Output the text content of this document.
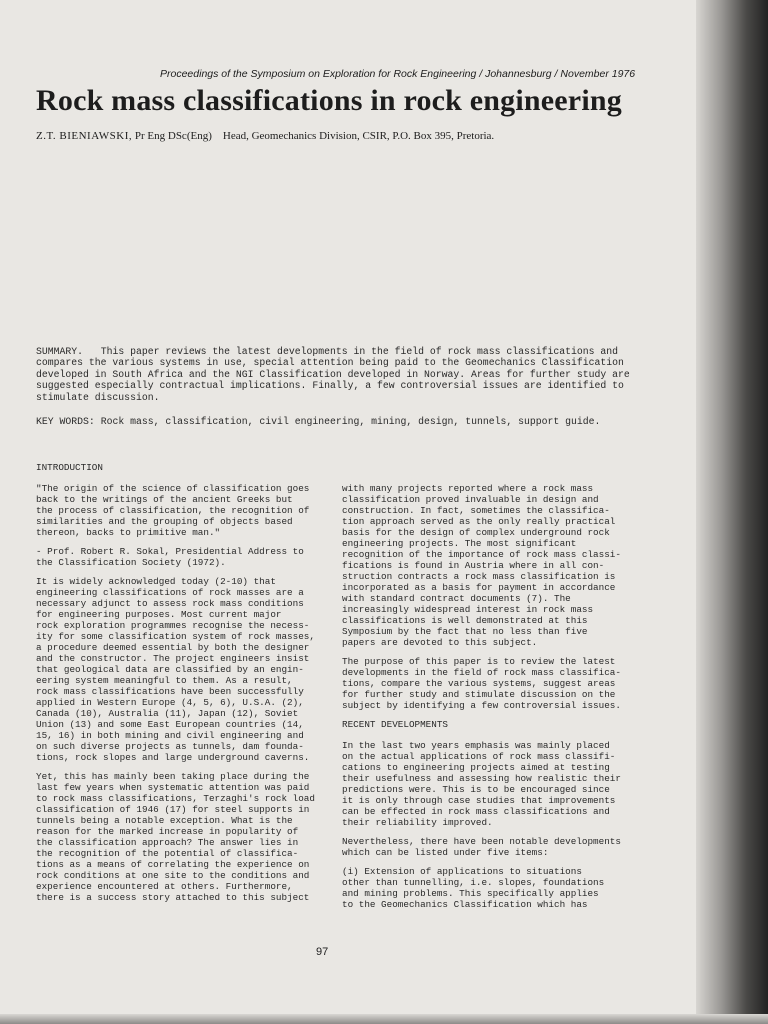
Proceedings of the Symposium on Exploration for Rock Engineering / Johannesburg / November 1976
Rock mass classifications in rock engineering
Z.T. BIENIAWSKI, Pr Eng DSc(Eng) Head, Geomechanics Division, CSIR, P.O. Box 395, Pretoria.
SUMMARY. This paper reviews the latest developments in the field of rock mass classifications and
compares the various systems in use, special attention being paid to the Geomechanics Classification
developed in South Africa and the NGI Classification developed in Norway. Areas for further study are
suggested especially contractual implications. Finally, a few controversial issues are identified to
stimulate discussion.
KEY WORDS: Rock mass, classification, civil engineering, mining, design, tunnels, support guide.
INTRODUCTION

"The origin of the science of classification goes
back to the writings of the ancient Greeks but
the process of classification, the recognition of
similarities and the grouping of objects based
thereon, backs to primitive man."

- Prof. Robert R. Sokal, Presidential Address to
the Classification Society (1972).

It is widely acknowledged today (2-10) that
engineering classifications of rock masses are a
necessary adjunct to assess rock mass conditions
for engineering purposes. Most current major
rock exploration programmes recognise the necess-
ity for some classification system of rock masses,
a procedure deemed essential by both the designer
and the constructor. The project engineers insist
that geological data are classified by an engin-
eering system meaningful to them. As a result,
rock mass classifications have been successfully
applied in Western Europe (4, 5, 6), U.S.A. (2),
Canada (10), Australia (11), Japan (12), Soviet
Union (13) and some East European countries (14,
15, 16) in both mining and civil engineering and
on such diverse projects as tunnels, dam founda-
tions, rock slopes and large underground caverns.

Yet, this has mainly been taking place during the
last few years when systematic attention was paid
to rock mass classifications, Terzaghi's rock load
classification of 1946 (17) for steel supports in
tunnels being a notable exception. What is the
reason for the marked increase in popularity of
the classification approach? The answer lies in
the recognition of the potential of classifica-
tions as a means of correlating the experience on
rock conditions at one site to the conditions and
experience encountered at others. Furthermore,
there is a success story attached to this subject

with many projects reported where a rock mass
classification proved invaluable in design and
construction. In fact, sometimes the classifica-
tion approach served as the only really practical
basis for the design of complex underground rock
engineering projects. The most significant
recognition of the importance of rock mass classi-
fications is found in Austria where in all con-
struction contracts a rock mass classification is
incorporated as a basis for payment in accordance
with standard contract documents (7). The
increasingly widespread interest in rock mass
classifications is well demonstrated at this
Symposium by the fact that no less than five
papers are devoted to this subject.

The purpose of this paper is to review the latest
developments in the field of rock mass classifica-
tions, compare the various systems, suggest areas
for further study and stimulate discussion on the
subject by identifying a few controversial issues.

RECENT DEVELOPMENTS

In the last two years emphasis was mainly placed
on the actual applications of rock mass classifi-
cations to engineering projects aimed at testing
their usefulness and assessing how realistic their
predictions were. This is to be encouraged since
it is only through case studies that improvements
can be effected in rock mass classifications and
their reliability improved.

Nevertheless, there have been notable developments
which can be listed under five items:

(i) Extension of applications to situations
other than tunnelling, i.e. slopes, foundations
and mining problems. This specifically applies
to the Geomechanics Classification which has

97
